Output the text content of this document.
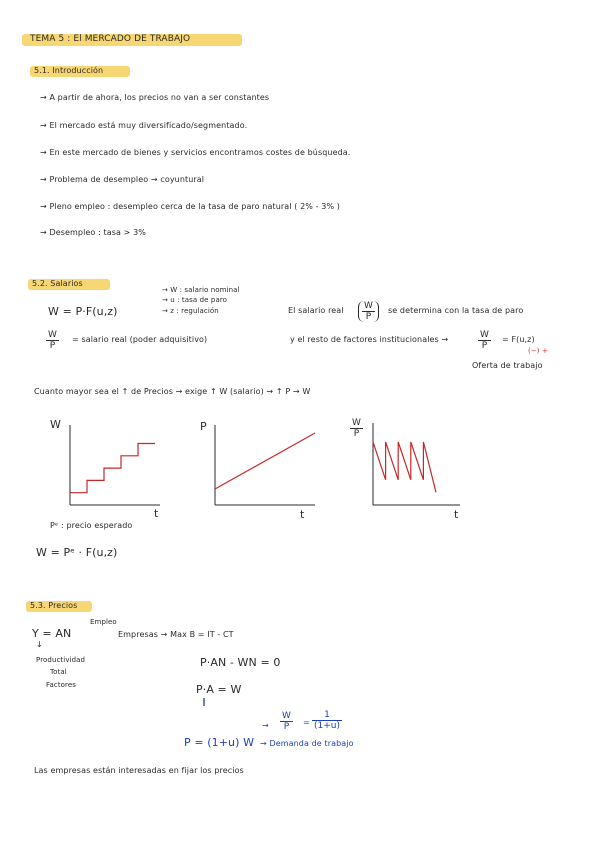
TEMA 5 : El MERCADO DE TRABAJO
5.1. Introducción
→ A partir de ahora, los precios no van a ser constantes
→ El mercado está muy diversificado/segmentado.
→ En este mercado de bienes y servicios encontramos costes de búsqueda.
→ Problema de desempleo → coyuntural
→ Pleno empleo : desempleo cerca de la tasa de paro natural ( 2% - 3% )
→ Desempleo : tasa > 3%
5.2. Salarios
W = P·F(u,z)
→ W : salario nominal
→ u : tasa de paro
→ z : regulación
$\frac{W}{P}$ = salario real (poder adquisitivo)
El salario real $\frac{W}{P}$ se determina con la tasa de paro
y el resto de factores institucionales →	$\frac{W}{P} = F(u,z)$
(−) +
Oferta de trabajo
Cuanto mayor sea el ↑ de Precios → exige ↑ W (salario) → ↑ P → W
W
t
P
t
$\frac{W}{P}$
t
Pᵉ : precio esperado
W = Pᵉ · F(u,z)
5.3. Precios
Y = AN
Empleo
Empresas → Max B = IT - CT
↓
Productividad
Total
Factores
P·AN - WN = 0
P·A = W
‖
→ $\frac{W}{P} = \frac{1}{(1+u)}$
P = (1+u) W → Demanda de trabajo
Las empresas están interesadas en fijar los precios
